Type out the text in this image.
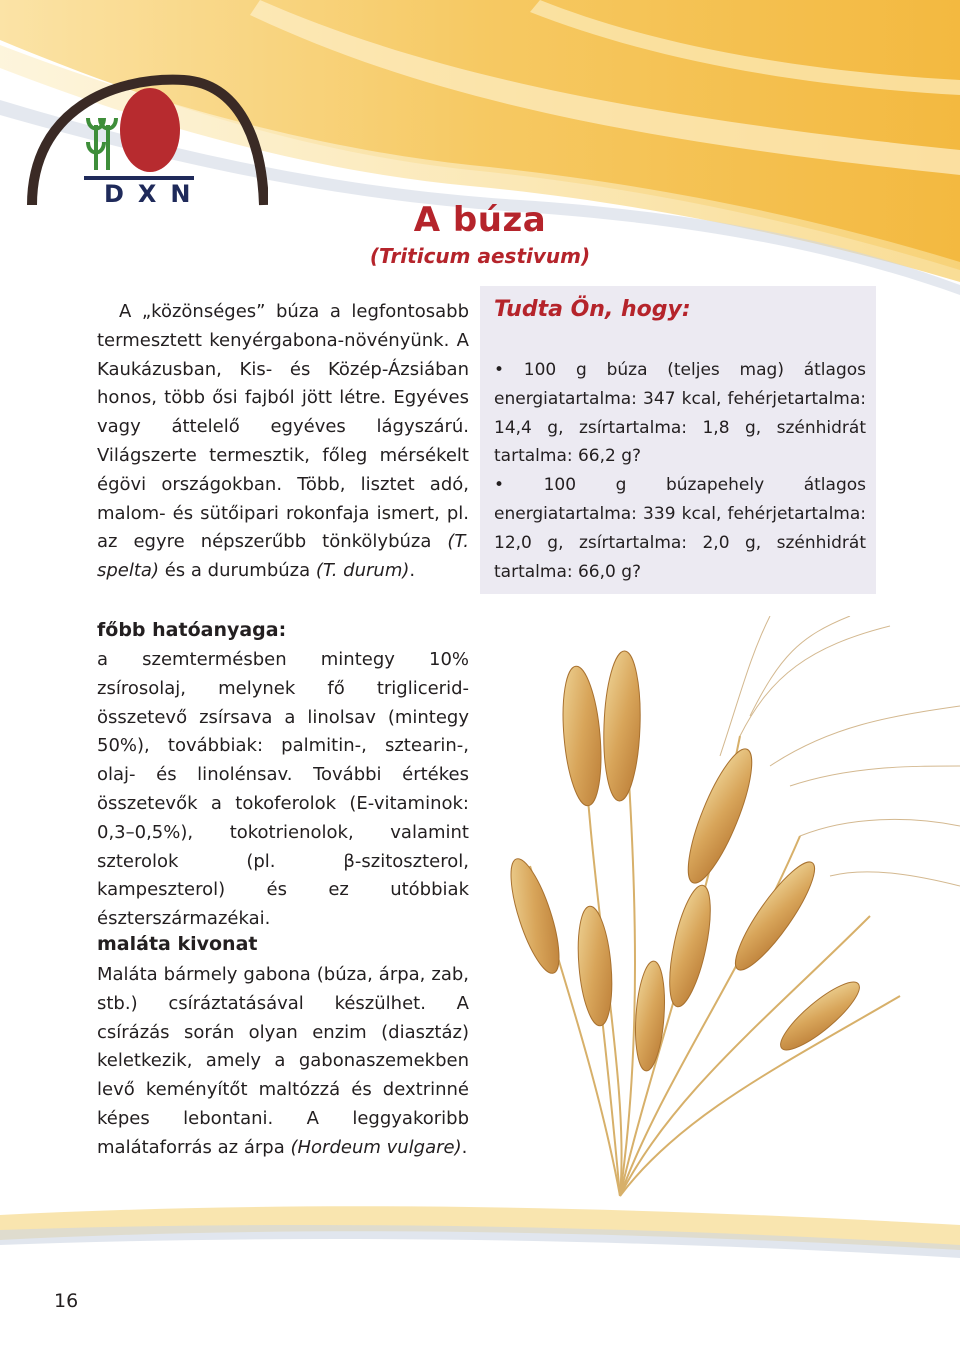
DXN
A búza
(Triticum aestivum)

A „közönséges” búza a legfontosabb termesztett kenyérgabona-növényünk. A Kaukázusban, Kis- és Közép-Ázsiában honos, több ősi fajból jött létre. Egyéves vagy áttelelő egyéves lágyszárú. Világszerte termesztik, főleg mérsékelt égövi országokban. Több, lisztet adó, malom- és sütőipari rokonfaja ismert, pl. az egyre népszerűbb tönkölybúza (T. spelta) és a durumbúza (T. durum).

Tudta Ön, hogy:
• 100 g búza (teljes mag) átlagos energiatartalma: 347 kcal, fehérjetartalma: 14,4 g, zsírtartalma: 1,8 g, szénhidrát tartalma: 66,2 g?
• 100 g búzapehely átlagos energiatartalma: 339 kcal, fehérjetartalma: 12,0 g, zsírtartalma: 2,0 g, szénhidrát tartalma: 66,0 g?
főbb hatóanyaga:

a szemtermésben mintegy 10% zsírosolaj, melynek fő triglicerid-összetevő zsírsava a linolsav (mintegy 50%), továbbiak: palmitin-, sztearin-, olaj- és linolénsav. További értékes összetevők a tokoferolok (E-vitaminok: 0,3–0,5%), tokotrienolok, valamint szterolok (pl. β-szitoszterol, kampeszterol) és ez utóbbiak észterszármazékai.

maláta kivonat

Maláta bármely gabona (búza, árpa, zab, stb.) csíráztatásával készülhet. A csírázás során olyan enzim (diasztáz) keletkezik, amely a gabonaszemekben levő keményítőt maltózzá és dextrinné képes lebontani. A leggyakoribb malátaforrás az árpa (Hordeum vulgare).

16
